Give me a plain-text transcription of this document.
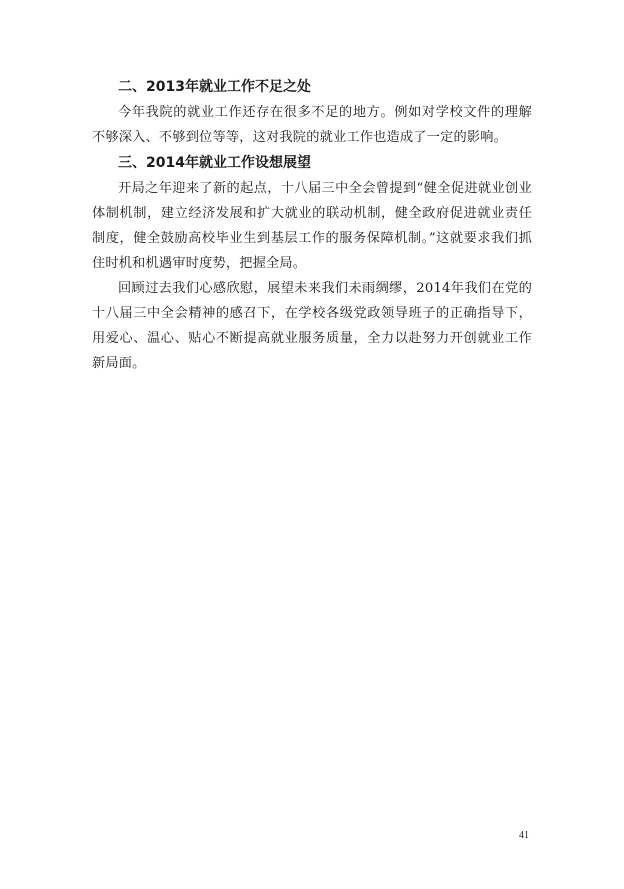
二、2013年就业工作不足之处

今年我院的就业工作还存在很多不足的地方。例如对学校文件的理解不够深入、不够到位等等，这对我院的就业工作也造成了一定的影响。

三、2014年就业工作设想展望

开局之年迎来了新的起点，十八届三中全会曾提到“健全促进就业创业体制机制，建立经济发展和扩大就业的联动机制，健全政府促进就业责任制度，健全鼓励高校毕业生到基层工作的服务保障机制。”这就要求我们抓住时机和机遇审时度势，把握全局。

回顾过去我们心感欣慰，展望未来我们未雨绸缪，2014年我们在党的十八届三中全会精神的感召下，在学校各级党政领导班子的正确指导下，用爱心、温心、贴心不断提高就业服务质量，全力以赴努力开创就业工作新局面。

41
